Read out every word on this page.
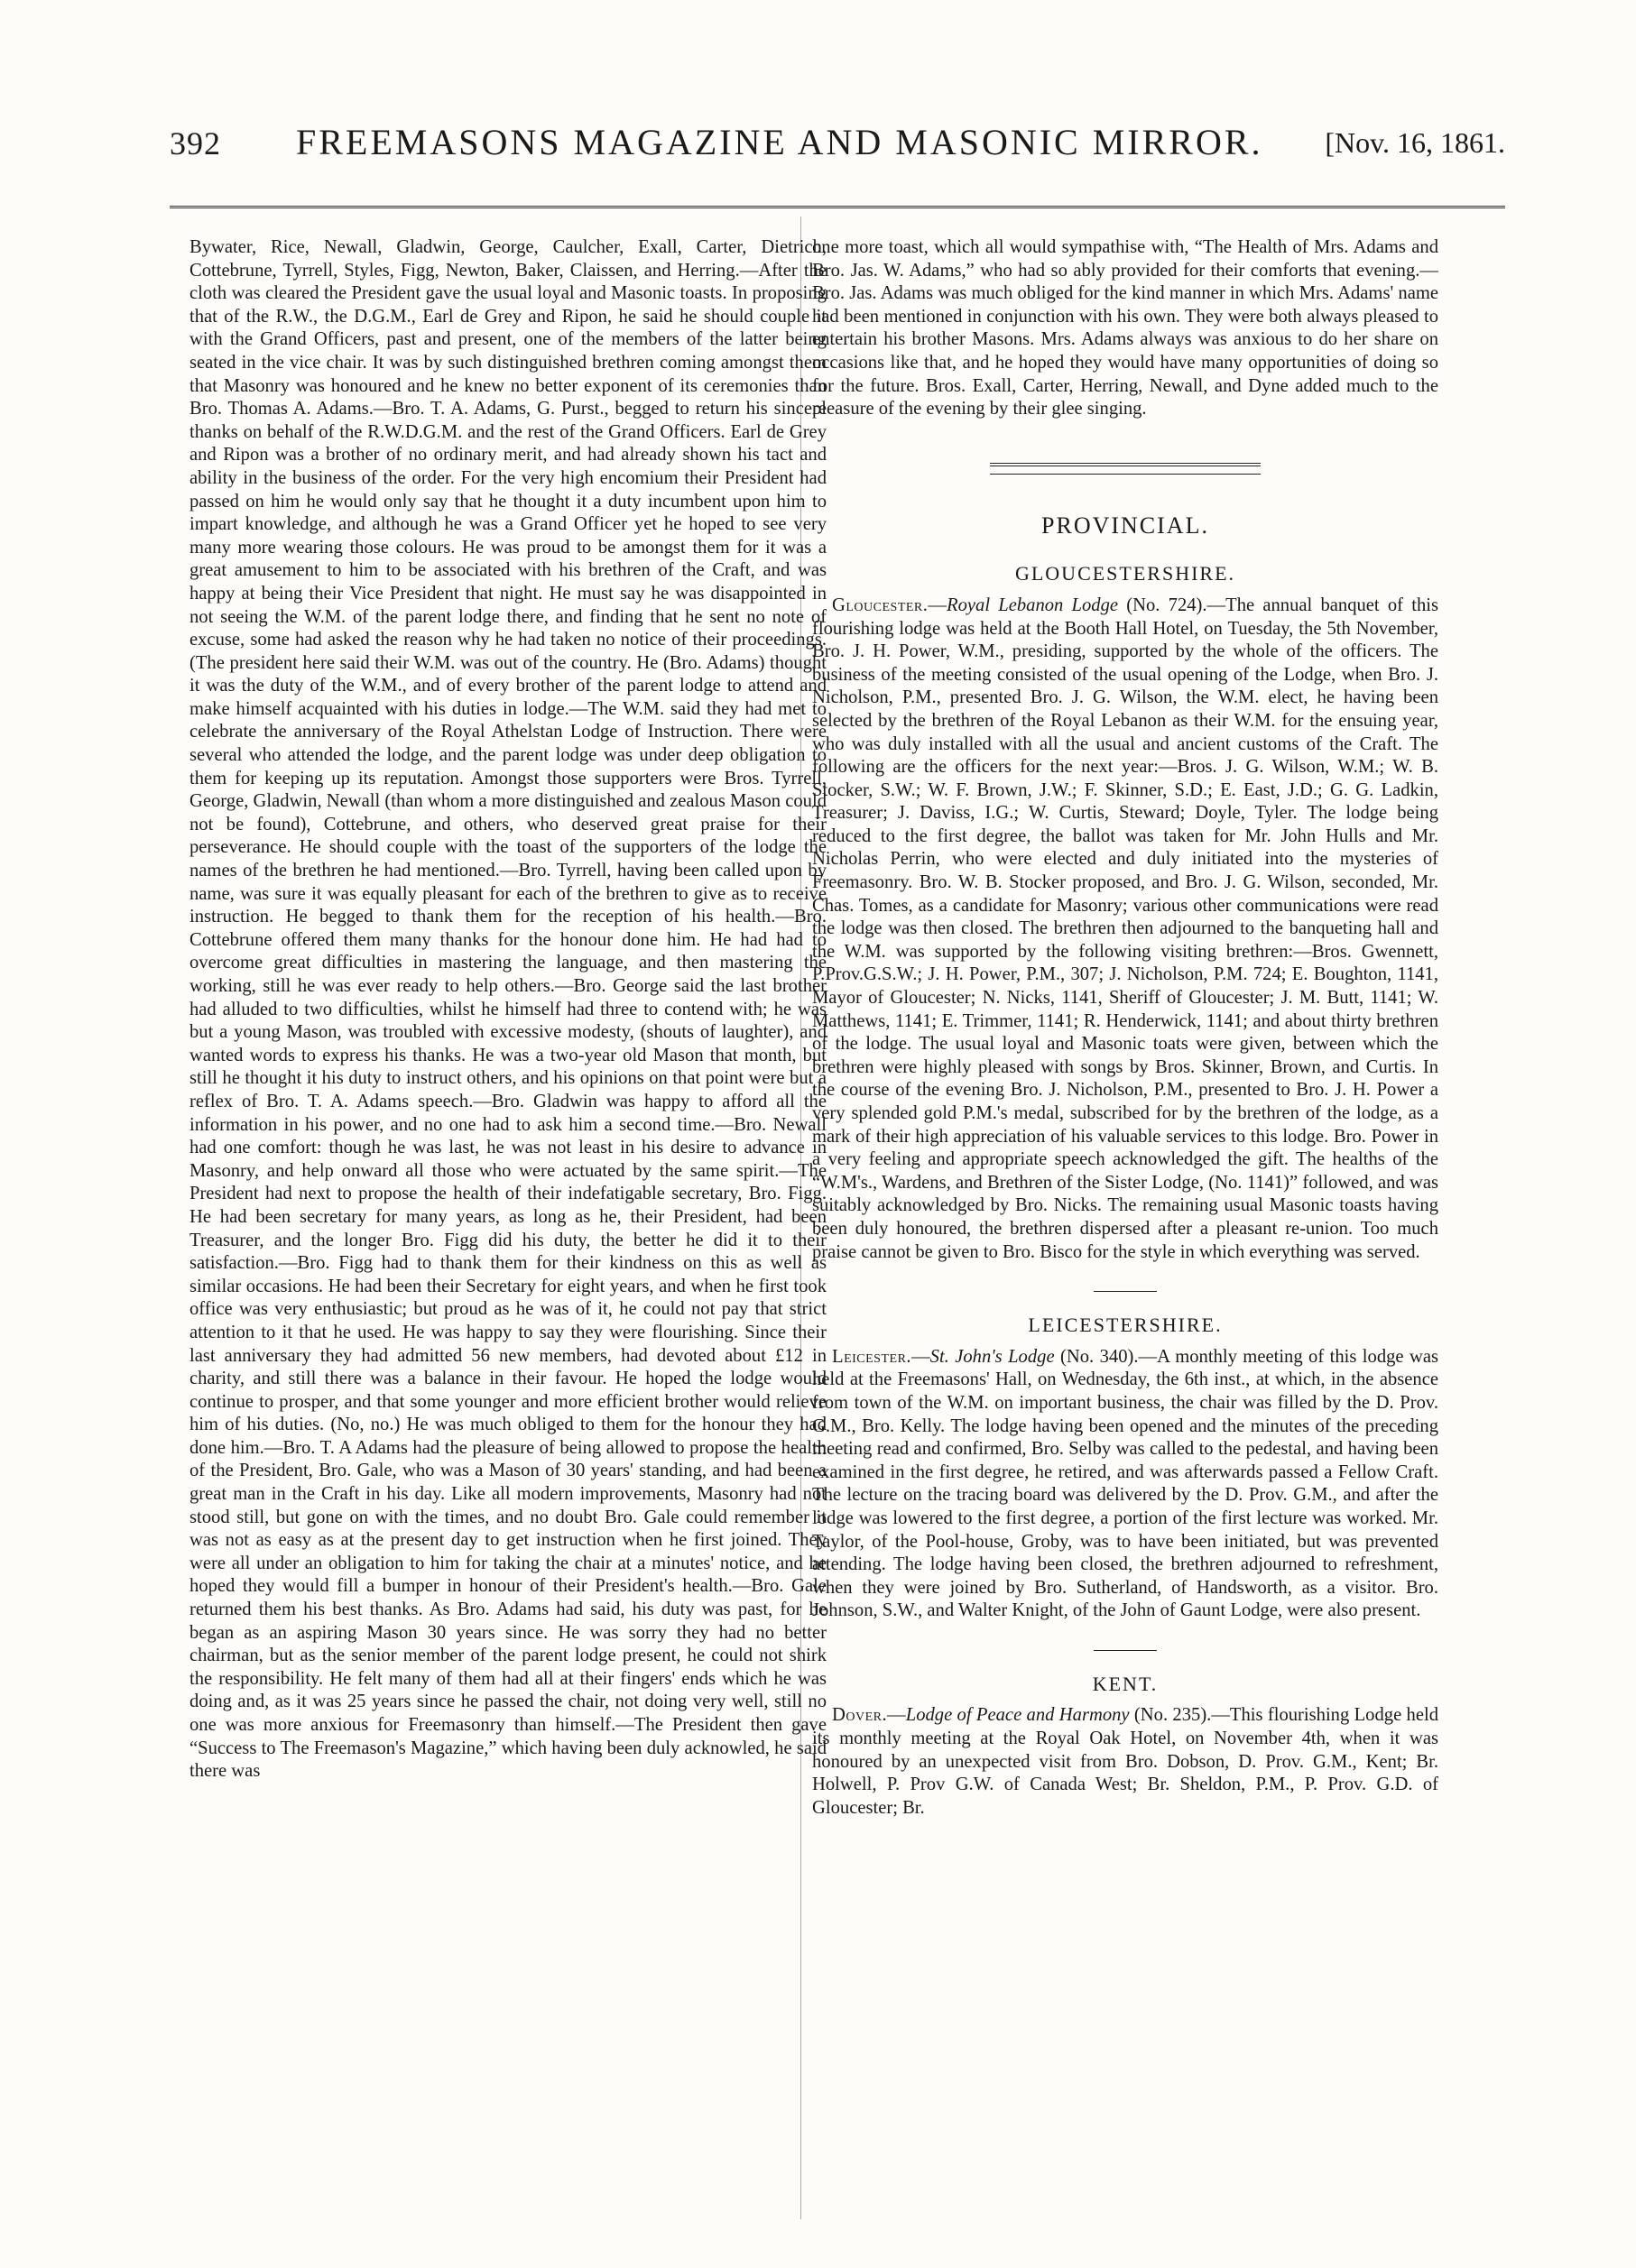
392 FREEMASONS MAGAZINE AND MASONIC MIRROR. [Nov. 16, 1861.

Bywater, Rice, Newall, Gladwin, George, Caulcher, Exall, Carter, Dietrich, Cottebrune, Tyrrell, Styles, Figg, Newton, Baker, Claissen, and Herring.—After the cloth was cleared the President gave the usual loyal and Masonic toasts. In proposing that of the R.W., the D.G.M., Earl de Grey and Ripon, he said he should couple it with the Grand Officers, past and present, one of the members of the latter being seated in the vice chair. It was by such distinguished brethren coming amongst them that Masonry was honoured and he knew no better exponent of its ceremonies than Bro. Thomas A. Adams.—Bro. T. A. Adams, G. Purst., begged to return his sincere thanks on behalf of the R.W.D.G.M. and the rest of the Grand Officers. Earl de Grey and Ripon was a brother of no ordinary merit, and had already shown his tact and ability in the business of the order. For the very high encomium their President had passed on him he would only say that he thought it a duty incumbent upon him to impart knowledge, and although he was a Grand Officer yet he hoped to see very many more wearing those colours. He was proud to be amongst them for it was a great amusement to him to be associated with his brethren of the Craft, and was happy at being their Vice President that night. He must say he was disappointed in not seeing the W.M. of the parent lodge there, and finding that he sent no note of excuse, some had asked the reason why he had taken no notice of their proceedings. (The president here said their W.M. was out of the country. He (Bro. Adams) thought it was the duty of the W.M., and of every brother of the parent lodge to attend and make himself acquainted with his duties in lodge.—The W.M. said they had met to celebrate the anniversary of the Royal Athelstan Lodge of Instruction. There were several who attended the lodge, and the parent lodge was under deep obligation to them for keeping up its reputation. Amongst those supporters were Bros. Tyrrell, George, Gladwin, Newall (than whom a more distinguished and zealous Mason could not be found), Cottebrune, and others, who deserved great praise for their perseverance. He should couple with the toast of the supporters of the lodge the names of the brethren he had mentioned.—Bro. Tyrrell, having been called upon by name, was sure it was equally pleasant for each of the brethren to give as to receive instruction. He begged to thank them for the reception of his health.—Bro. Cottebrune offered them many thanks for the honour done him. He had had to overcome great difficulties in mastering the language, and then mastering the working, still he was ever ready to help others.—Bro. George said the last brother had alluded to two difficulties, whilst he himself had three to contend with; he was but a young Mason, was troubled with excessive modesty, (shouts of laughter), and wanted words to express his thanks. He was a two-year old Mason that month, but still he thought it his duty to instruct others, and his opinions on that point were but a reflex of Bro. T. A. Adams speech.—Bro. Gladwin was happy to afford all the information in his power, and no one had to ask him a second time.—Bro. Newall had one comfort: though he was last, he was not least in his desire to advance in Masonry, and help onward all those who were actuated by the same spirit.—The President had next to propose the health of their indefatigable secretary, Bro. Figg. He had been secretary for many years, as long as he, their President, had been Treasurer, and the longer Bro. Figg did his duty, the better he did it to their satisfaction.—Bro. Figg had to thank them for their kindness on this as well as similar occasions. He had been their Secretary for eight years, and when he first took office was very enthusiastic; but proud as he was of it, he could not pay that strict attention to it that he used. He was happy to say they were flourishing. Since their last anniversary they had admitted 56 new members, had devoted about £12 in charity, and still there was a balance in their favour. He hoped the lodge would continue to prosper, and that some younger and more efficient brother would relieve him of his duties. (No, no.) He was much obliged to them for the honour they had done him.—Bro. T. A Adams had the pleasure of being allowed to propose the health of the President, Bro. Gale, who was a Mason of 30 years' standing, and had been a great man in the Craft in his day. Like all modern improvements, Masonry had not stood still, but gone on with the times, and no doubt Bro. Gale could remember it was not as easy as at the present day to get instruction when he first joined. They were all under an obligation to him for taking the chair at a minutes' notice, and he hoped they would fill a bumper in honour of their President's health.—Bro. Gale returned them his best thanks. As Bro. Adams had said, his duty was past, for he began as an aspiring Mason 30 years since. He was sorry they had no better chairman, but as the senior member of the parent lodge present, he could not shirk the responsibility. He felt many of them had all at their fingers' ends which he was doing and, as it was 25 years since he passed the chair, not doing very well, still no one was more anxious for Freemasonry than himself.—The President then gave “Success to The Freemason's Magazine,” which having been duly acknowled, he said there was

one more toast, which all would sympathise with, “The Health of Mrs. Adams and Bro. Jas. W. Adams,” who had so ably provided for their comforts that evening.—Bro. Jas. Adams was much obliged for the kind manner in which Mrs. Adams' name had been mentioned in conjunction with his own. They were both always pleased to entertain his brother Masons. Mrs. Adams always was anxious to do her share on occasions like that, and he hoped they would have many opportunities of doing so for the future. Bros. Exall, Carter, Herring, Newall, and Dyne added much to the pleasure of the evening by their glee singing.

PROVINCIAL.
GLOUCESTERSHIRE.

Gloucester.—Royal Lebanon Lodge (No. 724).—The annual banquet of this flourishing lodge was held at the Booth Hall Hotel, on Tuesday, the 5th November, Bro. J. H. Power, W.M., presiding, supported by the whole of the officers. The business of the meeting consisted of the usual opening of the Lodge, when Bro. J. Nicholson, P.M., presented Bro. J. G. Wilson, the W.M. elect, he having been selected by the brethren of the Royal Lebanon as their W.M. for the ensuing year, who was duly installed with all the usual and ancient customs of the Craft. The following are the officers for the next year:—Bros. J. G. Wilson, W.M.; W. B. Stocker, S.W.; W. F. Brown, J.W.; F. Skinner, S.D.; E. East, J.D.; G. G. Ladkin, Treasurer; J. Daviss, I.G.; W. Curtis, Steward; Doyle, Tyler. The lodge being reduced to the first degree, the ballot was taken for Mr. John Hulls and Mr. Nicholas Perrin, who were elected and duly initiated into the mysteries of Freemasonry. Bro. W. B. Stocker proposed, and Bro. J. G. Wilson, seconded, Mr. Chas. Tomes, as a candidate for Masonry; various other communications were read the lodge was then closed. The brethren then adjourned to the banqueting hall and the W.M. was supported by the following visiting brethren:—Bros. Gwennett, P.Prov.G.S.W.; J. H. Power, P.M., 307; J. Nicholson, P.M. 724; E. Boughton, 1141, Mayor of Gloucester; N. Nicks, 1141, Sheriff of Gloucester; J. M. Butt, 1141; W. Matthews, 1141; E. Trimmer, 1141; R. Henderwick, 1141; and about thirty brethren of the lodge. The usual loyal and Masonic toats were given, between which the brethren were highly pleased with songs by Bros. Skinner, Brown, and Curtis. In the course of the evening Bro. J. Nicholson, P.M., presented to Bro. J. H. Power a very splended gold P.M.'s medal, subscribed for by the brethren of the lodge, as a mark of their high appreciation of his valuable services to this lodge. Bro. Power in a very feeling and appropriate speech acknowledged the gift. The healths of the “W.M's., Wardens, and Brethren of the Sister Lodge, (No. 1141)” followed, and was suitably acknowledged by Bro. Nicks. The remaining usual Masonic toasts having been duly honoured, the brethren dispersed after a pleasant re-union. Too much praise cannot be given to Bro. Bisco for the style in which everything was served.

LEICESTERSHIRE.

Leicester.—St. John's Lodge (No. 340).—A monthly meeting of this lodge was held at the Freemasons' Hall, on Wednesday, the 6th inst., at which, in the absence from town of the W.M. on important business, the chair was filled by the D. Prov. G.M., Bro. Kelly. The lodge having been opened and the minutes of the preceding meeting read and confirmed, Bro. Selby was called to the pedestal, and having been examined in the first degree, he retired, and was afterwards passed a Fellow Craft. The lecture on the tracing board was delivered by the D. Prov. G.M., and after the lodge was lowered to the first degree, a portion of the first lecture was worked. Mr. Taylor, of the Pool-house, Groby, was to have been initiated, but was prevented attending. The lodge having been closed, the brethren adjourned to refreshment, when they were joined by Bro. Sutherland, of Handsworth, as a visitor. Bro. Johnson, S.W., and Walter Knight, of the John of Gaunt Lodge, were also present.

KENT.

Dover.—Lodge of Peace and Harmony (No. 235).—This flourishing Lodge held its monthly meeting at the Royal Oak Hotel, on November 4th, when it was honoured by an unexpected visit from Bro. Dobson, D. Prov. G.M., Kent; Br. Holwell, P. Prov G.W. of Canada West; Br. Sheldon, P.M., P. Prov. G.D. of Gloucester; Br.
